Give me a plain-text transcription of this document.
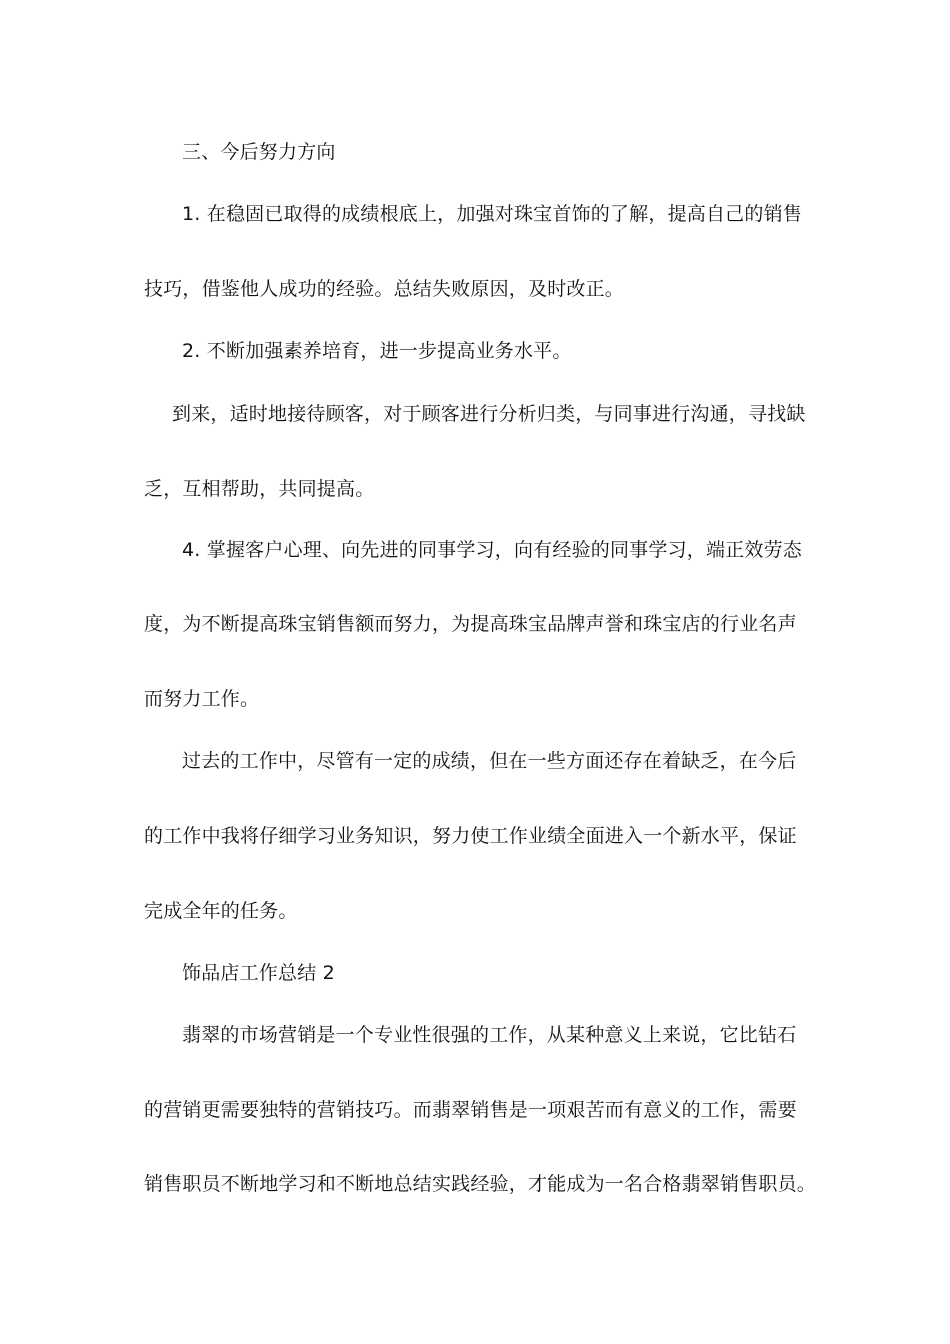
三、今后努力方向
1. 在稳固已取得的成绩根底上，加强对珠宝首饰的了解，提高自己的销售
技巧，借鉴他人成功的经验。总结失败原因，及时改正。
2. 不断加强素养培育，进一步提高业务水平。
到来，适时地接待顾客，对于顾客进行分析归类，与同事进行沟通，寻找缺
乏，互相帮助，共同提高。
4. 掌握客户心理、向先进的同事学习，向有经验的同事学习，端正效劳态
度，为不断提高珠宝销售额而努力，为提高珠宝品牌声誉和珠宝店的行业名声
而努力工作。
过去的工作中，尽管有一定的成绩，但在一些方面还存在着缺乏，在今后
的工作中我将仔细学习业务知识，努力使工作业绩全面进入一个新水平，保证
完成全年的任务。
饰品店工作总结 2
翡翠的市场营销是一个专业性很强的工作，从某种意义上来说，它比钻石
的营销更需要独特的营销技巧。而翡翠销售是一项艰苦而有意义的工作，需要
销售职员不断地学习和不断地总结实践经验，才能成为一名合格翡翠销售职员。
